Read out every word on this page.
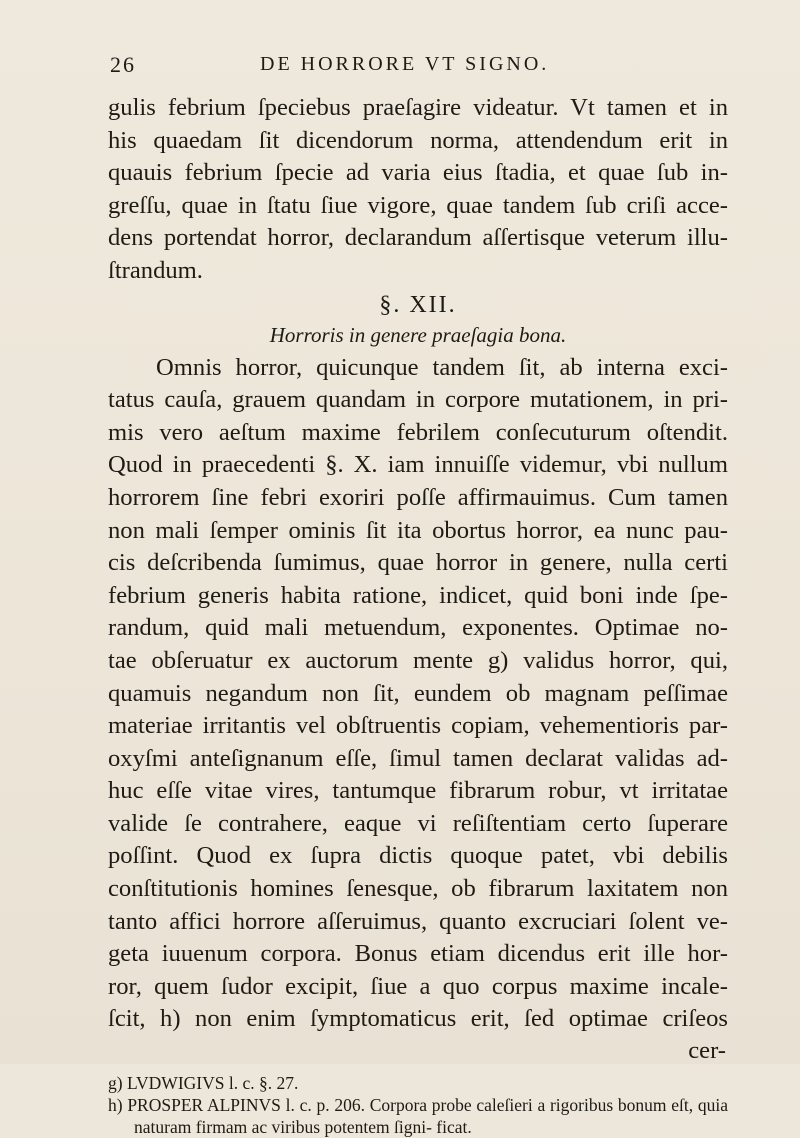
26	DE HORRORE VT SIGNO.
gulis febrium ſpeciebus praeſagire videatur. Vt tamen et in
his quaedam ſit dicendorum norma, attendendum erit in
quauis febrium ſpecie ad varia eius ſtadia, et quae ſub in-
greſſu, quae in ſtatu ſiue vigore, quae tandem ſub criſi acce-
dens portendat horror, declarandum aſſertisque veterum illu-
ſtrandum.
§. XII.
Horroris in genere praeſagia bona.
Omnis horror, quicunque tandem ſit, ab interna exci-
tatus cauſa, grauem quandam in corpore mutationem, in pri-
mis vero aeſtum maxime febrilem conſecuturum oſtendit.
Quod in praecedenti §. X. iam innuiſſe videmur, vbi nullum
horrorem ſine febri exoriri poſſe affirmauimus. Cum tamen
non mali ſemper ominis ſit ita obortus horror, ea nunc pau-
cis deſcribenda ſumimus, quae horror in genere, nulla certi
febrium generis habita ratione, indicet, quid boni inde ſpe-
randum, quid mali metuendum, exponentes. Optimae no-
tae obſeruatur ex auctorum mente g) validus horror, qui,
quamuis negandum non ſit, eundem ob magnam peſſimae
materiae irritantis vel obſtruentis copiam, vehementioris par-
oxyſmi anteſignanum eſſe, ſimul tamen declarat validas ad-
huc eſſe vitae vires, tantumque fibrarum robur, vt irritatae
valide ſe contrahere, eaque vi reſiſtentiam certo ſuperare
poſſint. Quod ex ſupra dictis quoque patet, vbi debilis
conſtitutionis homines ſenesque, ob fibrarum laxitatem non
tanto affici horrore aſſeruimus, quanto excruciari ſolent ve-
geta iuuenum corpora. Bonus etiam dicendus erit ille hor-
ror, quem ſudor excipit, ſiue a quo corpus maxime incale-
ſcit, h) non enim ſymptomaticus erit, ſed optimae criſeos
cer-
g) LVDWIGIVS l. c. §. 27.
h) PROSPER ALPINVS l. c. p. 206. Corpora probe caleſieri a rigoribus bonum eſt, quia naturam firmam ac viribus potentem ſigni- ficat.
